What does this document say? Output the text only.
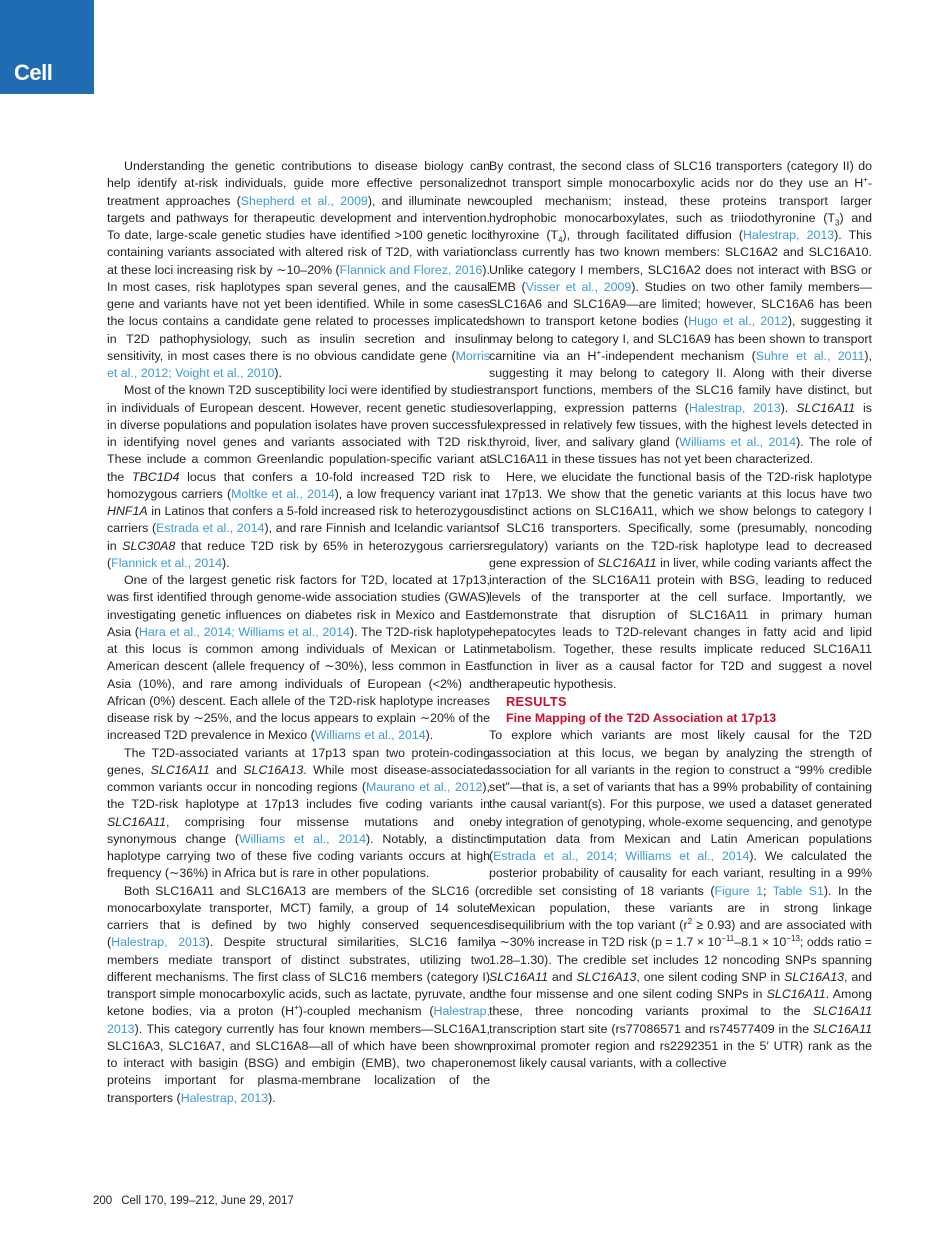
Cell

Understanding the genetic contributions to disease biology can help identify at-risk individuals, guide more effective personalized treatment approaches (Shepherd et al., 2009), and illuminate new targets and pathways for therapeutic development and intervention. To date, large-scale genetic studies have identified >100 genetic loci containing variants associated with altered risk of T2D, with variation at these loci increasing risk by ∼10–20% (Flannick and Florez, 2016). In most cases, risk haplotypes span several genes, and the causal gene and variants have not yet been identified. While in some cases the locus contains a candidate gene related to processes implicated in T2D pathophysiology, such as insulin secretion and insulin sensitivity, in most cases there is no obvious candidate gene (Morris et al., 2012; Voight et al., 2010).

Most of the known T2D susceptibility loci were identified by studies in individuals of European descent. However, recent genetic studies in diverse populations and population isolates have proven successful in identifying novel genes and variants associated with T2D risk. These include a common Greenlandic population-specific variant at the TBC1D4 locus that confers a 10-fold increased T2D risk to homozygous carriers (Moltke et al., 2014), a low frequency variant in HNF1A in Latinos that confers a 5-fold increased risk to heterozygous carriers (Estrada et al., 2014), and rare Finnish and Icelandic variants in SLC30A8 that reduce T2D risk by 65% in heterozygous carriers (Flannick et al., 2014).

One of the largest genetic risk factors for T2D, located at 17p13, was first identified through genome-wide association studies (GWAS) investigating genetic influences on diabetes risk in Mexico and East Asia (Hara et al., 2014; Williams et al., 2014). The T2D-risk haplotype at this locus is common among individuals of Mexican or Latin American descent (allele frequency of ∼30%), less common in East Asia (10%), and rare among individuals of European (<2%) and African (0%) descent. Each allele of the T2D-risk haplotype increases disease risk by ∼25%, and the locus appears to explain ∼20% of the increased T2D prevalence in Mexico (Williams et al., 2014).

The T2D-associated variants at 17p13 span two protein-coding genes, SLC16A11 and SLC16A13. While most disease-associated common variants occur in noncoding regions (Maurano et al., 2012), the T2D-risk haplotype at 17p13 includes five coding variants in SLC16A11, comprising four missense mutations and one synonymous change (Williams et al., 2014). Notably, a distinct haplotype carrying two of these five coding variants occurs at high frequency (∼36%) in Africa but is rare in other populations.

Both SLC16A11 and SLC16A13 are members of the SLC16 (or monocarboxylate transporter, MCT) family, a group of 14 solute carriers that is defined by two highly conserved sequences (Halestrap, 2013). Despite structural similarities, SLC16 family members mediate transport of distinct substrates, utilizing two different mechanisms. The first class of SLC16 members (category I) transport simple monocarboxylic acids, such as lactate, pyruvate, and ketone bodies, via a proton (H+)-coupled mechanism (Halestrap, 2013). This category currently has four known members—SLC16A1, SLC16A3, SLC16A7, and SLC16A8—all of which have been shown to interact with basigin (BSG) and embigin (EMB), two chaperone proteins important for plasma-membrane localization of the transporters (Halestrap, 2013).

By contrast, the second class of SLC16 transporters (category II) do not transport simple monocarboxylic acids nor do they use an H+-coupled mechanism; instead, these proteins transport larger hydrophobic monocarboxylates, such as triiodothyronine $(T_3)$ and thyroxine $(T_4)$, through facilitated diffusion (Halestrap, 2013). This class currently has two known members: SLC16A2 and SLC16A10. Unlike category I members, SLC16A2 does not interact with BSG or EMB (Visser et al., 2009). Studies on two other family members—SLC16A6 and SLC16A9—are limited; however, SLC16A6 has been shown to transport ketone bodies (Hugo et al., 2012), suggesting it may belong to category I, and SLC16A9 has been shown to transport carnitine via an H+-independent mechanism (Suhre et al., 2011), suggesting it may belong to category II. Along with their diverse transport functions, members of the SLC16 family have distinct, but overlapping, expression patterns (Halestrap, 2013). SLC16A11 is expressed in relatively few tissues, with the highest levels detected in thyroid, liver, and salivary gland (Williams et al., 2014). The role of SLC16A11 in these tissues has not yet been characterized.

Here, we elucidate the functional basis of the T2D-risk haplotype at 17p13. We show that the genetic variants at this locus have two distinct actions on SLC16A11, which we show belongs to category I of SLC16 transporters. Specifically, some (presumably, noncoding regulatory) variants on the T2D-risk haplotype lead to decreased gene expression of SLC16A11 in liver, while coding variants affect the interaction of the SLC16A11 protein with BSG, leading to reduced levels of the transporter at the cell surface. Importantly, we demonstrate that disruption of SLC16A11 in primary human hepatocytes leads to T2D-relevant changes in fatty acid and lipid metabolism. Together, these results implicate reduced SLC16A11 function in liver as a causal factor for T2D and suggest a novel therapeutic hypothesis.

RESULTS

Fine Mapping of the T2D Association at 17p13

To explore which variants are most likely causal for the T2D association at this locus, we began by analyzing the strength of association for all variants in the region to construct a “99% credible set”—that is, a set of variants that has a 99% probability of containing the causal variant(s). For this purpose, we used a dataset generated by integration of genotyping, whole-exome sequencing, and genotype imputation data from Mexican and Latin American populations (Estrada et al., 2014; Williams et al., 2014). We calculated the posterior probability of causality for each variant, resulting in a 99% credible set consisting of 18 variants (Figure 1; Table S1). In the Mexican population, these variants are in strong linkage disequilibrium with the top variant $(r^2 \ge 0.93)$ and are associated with a ∼30% increase in T2D risk ($p = 1.7 \times 10^{-11}-8.1 \times 10^{-13}$; odds ratio = 1.28–1.30). The credible set includes 12 noncoding SNPs spanning SLC16A11 and SLC16A13, one silent coding SNP in SLC16A13, and the four missense and one silent coding SNPs in SLC16A11. Among these, three noncoding variants proximal to the SLC16A11 transcription start site (rs77086571 and rs74577409 in the SLC16A11 proximal promoter region and rs2292351 in the 5′ UTR) rank as the most likely causal variants, with a collective

200 Cell 170, 199–212, June 29, 2017
